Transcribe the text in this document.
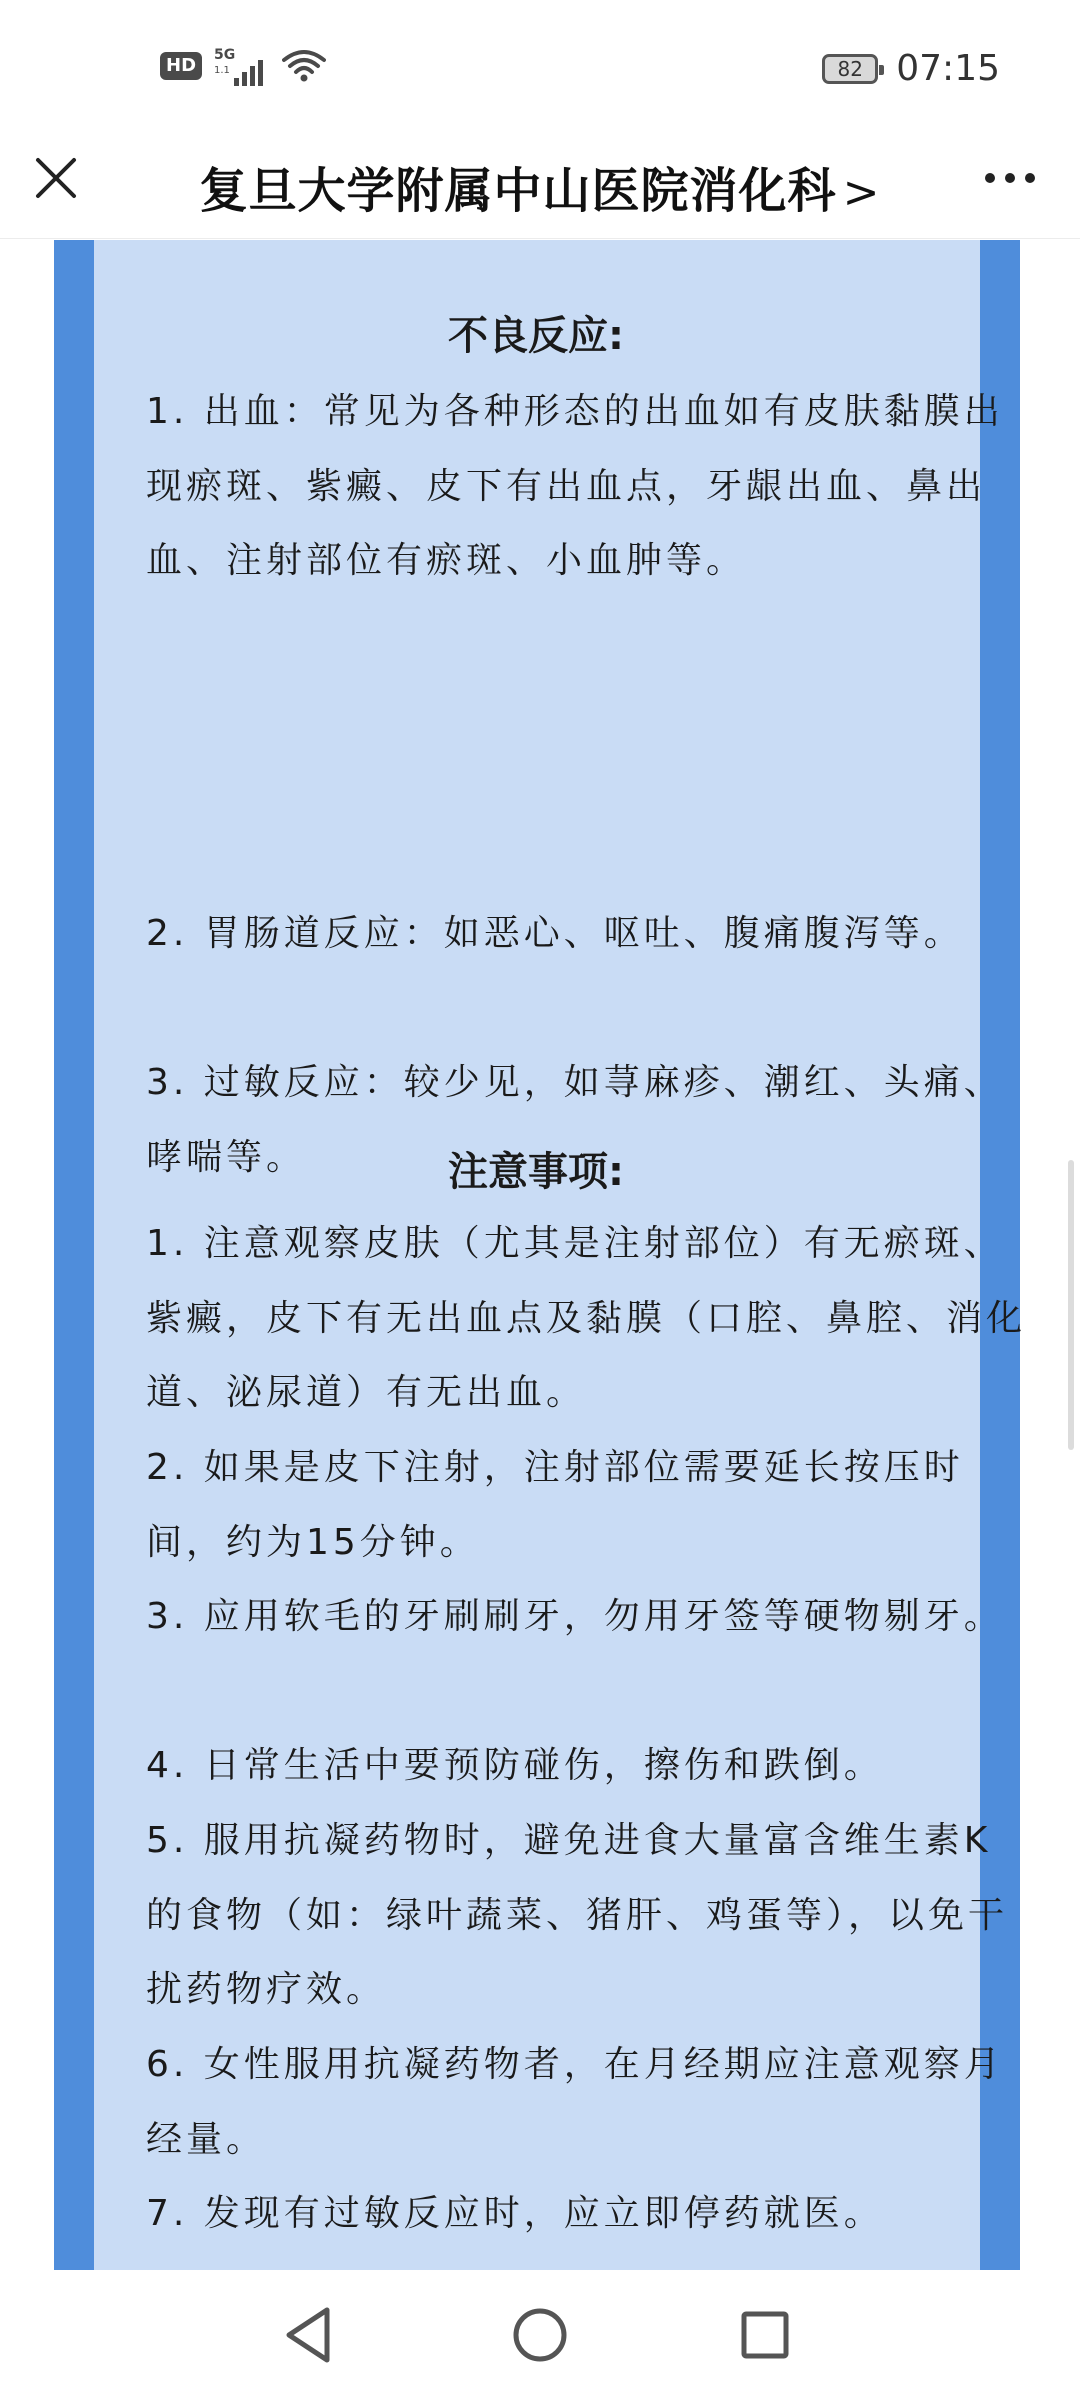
HD	5G
1.1	82 07:15
复旦大学附属中山医院消化科 >
不良反应:
1. 出血：常见为各种形态的出血如有皮肤黏膜出现瘀斑、紫癜、皮下有出血点，牙龈出血、鼻出血、注射部位有瘀斑、小血肿等。
2. 胃肠道反应：如恶心、呕吐、腹痛腹泻等。
3. 过敏反应：较少见，如荨麻疹、潮红、头痛、哮喘等。	注意事项:
1. 注意观察皮肤（尤其是注射部位）有无瘀斑、紫癜，皮下有无出血点及黏膜（口腔、鼻腔、消化道、泌尿道）有无出血。
2. 如果是皮下注射，注射部位需要延长按压时间，约为15分钟。
3. 应用软毛的牙刷刷牙，勿用牙签等硬物剔牙。
4. 日常生活中要预防碰伤，擦伤和跌倒。
5. 服用抗凝药物时，避免进食大量富含维生素K的食物（如：绿叶蔬菜、猪肝、鸡蛋等），以免干扰药物疗效。
6. 女性服用抗凝药物者，在月经期应注意观察月经量。
7. 发现有过敏反应时，应立即停药就医。
